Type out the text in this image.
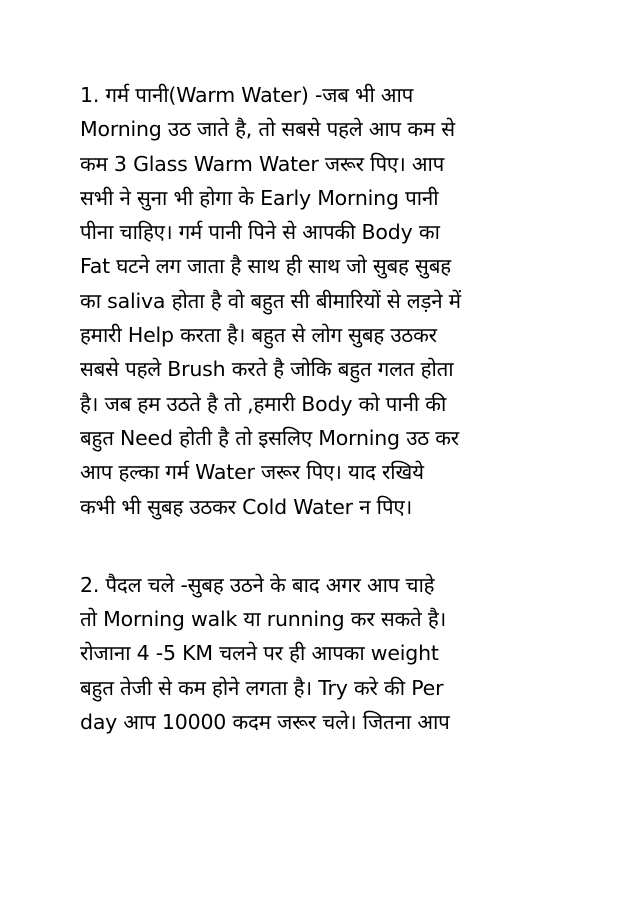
1. गर्म पानी(Warm Water) -जब भी आप
Morning उठ जाते है, तो सबसे पहले आप कम से
कम 3 Glass Warm Water जरूर पिए। आप
सभी ने सुना भी होगा के Early Morning पानी
पीना चाहिए। गर्म पानी पिने से आपकी Body का
Fat घटने लग जाता है साथ ही साथ जो सुबह सुबह
का saliva होता है वो बहुत सी बीमारियों से लड़ने में
हमारी Help करता है। बहुत से लोग सुबह उठकर
सबसे पहले Brush करते है जोकि बहुत गलत होता
है। जब हम उठते है तो ,हमारी Body को पानी की
बहुत Need होती है तो इसलिए Morning उठ कर
आप हल्का गर्म Water जरूर पिए। याद रखिये
कभी भी सुबह उठकर Cold Water न पिए।
2. पैदल चले -सुबह उठने के बाद अगर आप चाहे
तो Morning walk या running कर सकते है।
रोजाना 4 -5 KM चलने पर ही आपका weight
बहुत तेजी से कम होने लगता है। Try करे की Per
day आप 10000 कदम जरूर चले। जितना आप
